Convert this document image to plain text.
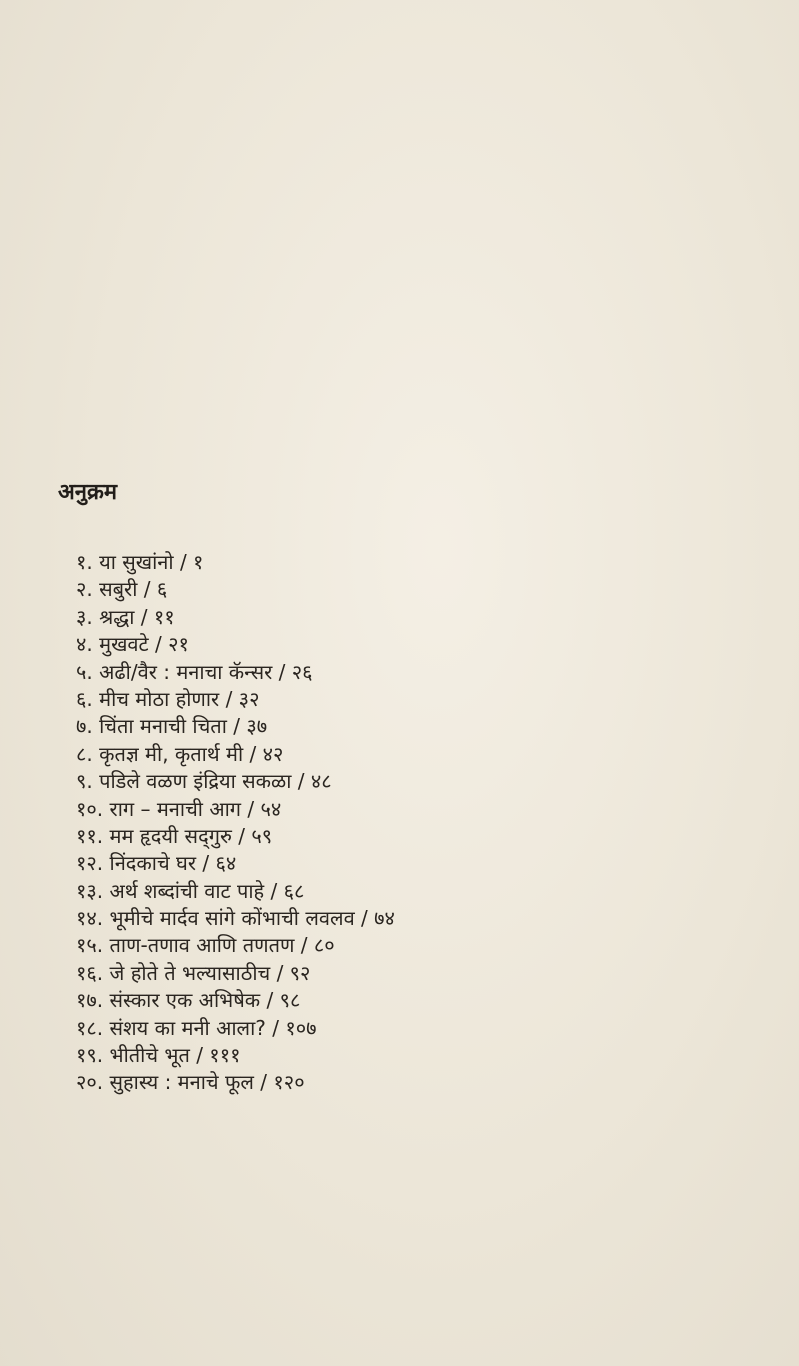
अनुक्रम
१. या सुखांनो / १
२. सबुरी / ६
३. श्रद्धा / ११
४. मुखवटे / २१
५. अढी/वैर : मनाचा कॅन्सर / २६
६. मीच मोठा होणार / ३२
७. चिंता मनाची चिता / ३७
८. कृतज्ञ मी, कृतार्थ मी / ४२
९. पडिले वळण इंद्रिया सकळा / ४८
१०. राग – मनाची आग / ५४
११. मम हृदयी सद्‌गुरु / ५९
१२. निंदकाचे घर / ६४
१३. अर्थ शब्दांची वाट पाहे / ६८
१४. भूमीचे मार्दव सांगे कोंभाची लवलव / ७४
१५. ताण-तणाव आणि तणतण / ८०
१६. जे होते ते भल्यासाठीच / ९२
१७. संस्कार एक अभिषेक / ९८
१८. संशय का मनी आला? / १०७
१९. भीतीचे भूत / १११
२०. सुहास्य : मनाचे फूल / १२०
